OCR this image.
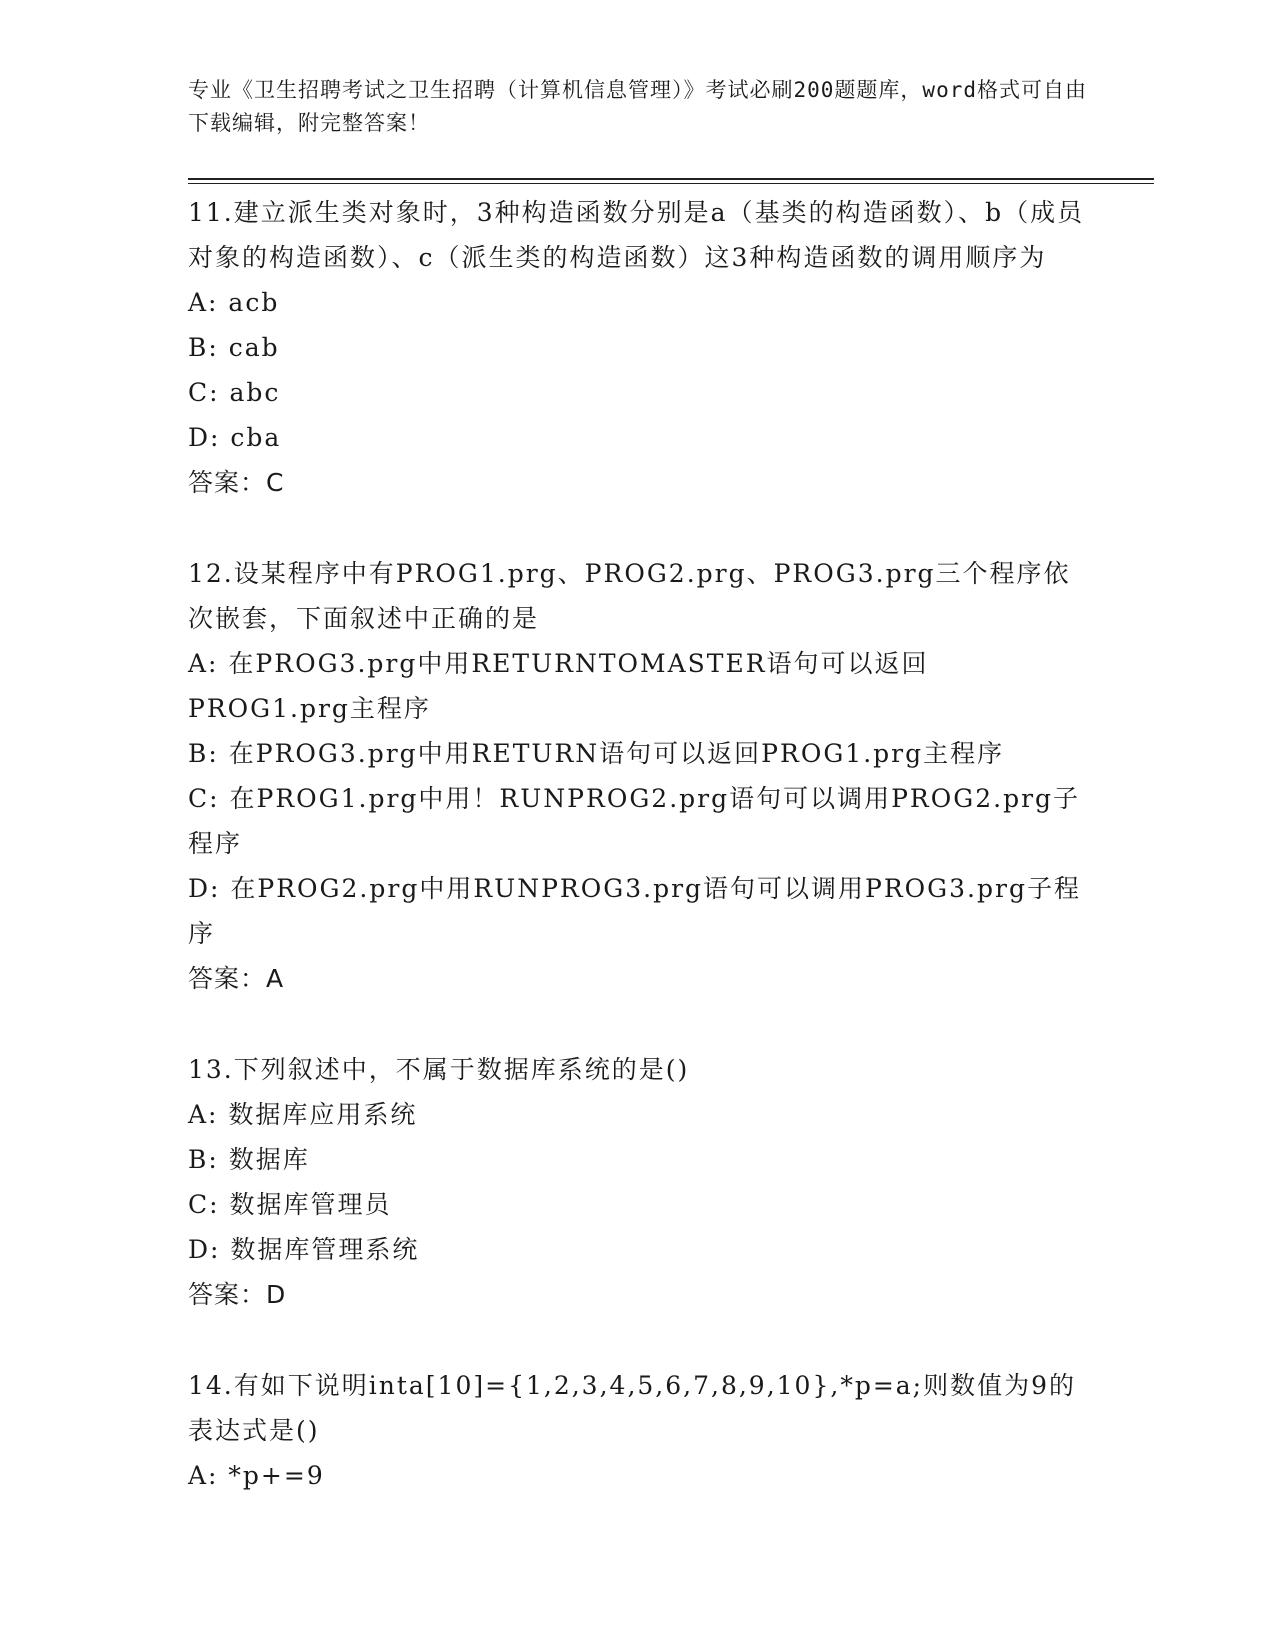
专业《卫生招聘考试之卫生招聘（计算机信息管理）》考试必刷200题题库，word格式可自由下载编辑，附完整答案！
11.建立派生类对象时，3种构造函数分别是a（基类的构造函数）、b（成员对象的构造函数）、c（派生类的构造函数）这3种构造函数的调用顺序为
A: acb
B: cab
C: abc
D: cba
答案：C
12.设某程序中有PROG1.prg、PROG2.prg、PROG3.prg三个程序依次嵌套，下面叙述中正确的是
A: 在PROG3.prg中用RETURNTOMASTER语句可以返回PROG1.prg主程序
B: 在PROG3.prg中用RETURN语句可以返回PROG1.prg主程序
C: 在PROG1.prg中用！RUNPROG2.prg语句可以调用PROG2.prg子程序
D: 在PROG2.prg中用RUNPROG3.prg语句可以调用PROG3.prg子程序
答案：A
13.下列叙述中，不属于数据库系统的是()
A: 数据库应用系统
B: 数据库
C: 数据库管理员
D: 数据库管理系统
答案：D
14.有如下说明inta[10]={1,2,3,4,5,6,7,8,9,10},*p=a;则数值为9的表达式是()
A: *p+=9
